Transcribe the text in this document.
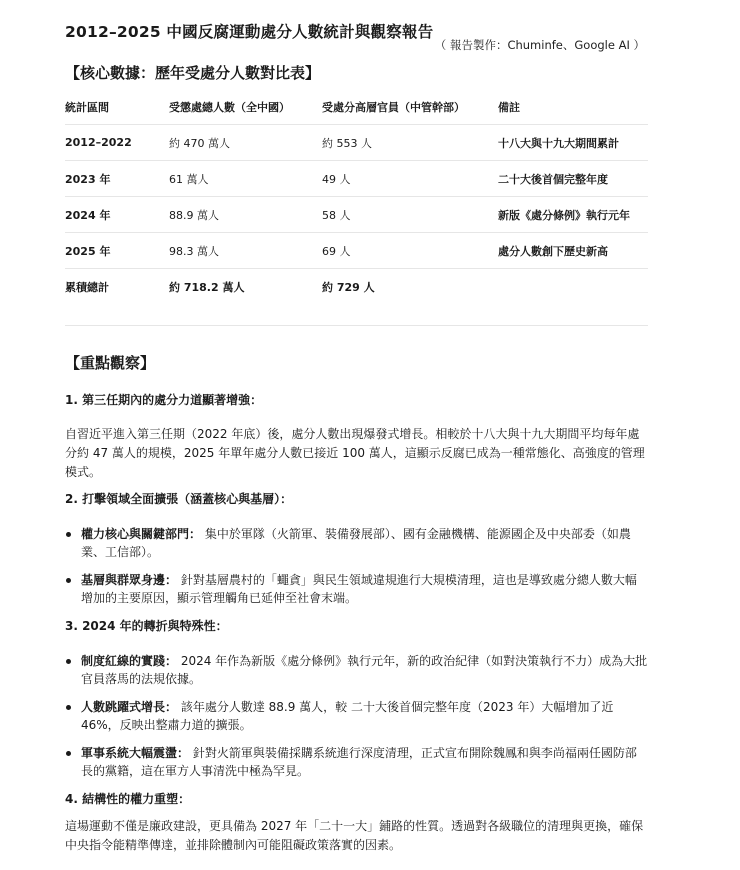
2012–2025 中國反腐運動處分人數統計與觀察報告
（ 報告製作：Chuminfe、Google AI ）
【核心數據：歷年受處分人數對比表】
統計區間	受懲處總人數（全中國）	受處分高層官員（中管幹部）	備註
2012–2022	約 470 萬人	約 553 人	十八大與十九大期間累計
2023 年	61 萬人	49 人	二十大後首個完整年度
2024 年	88.9 萬人	58 人	新版《處分條例》執行元年
2025 年	98.3 萬人	69 人	處分人數創下歷史新高
累積總計	約 718.2 萬人	約 729 人	
【重點觀察】
1. 第三任期內的處分力道顯著增強：

自習近平進入第三任期（2022 年底）後，處分人數出現爆發式增長。相較於十八大與十九大期間平均每年處分約 47 萬人的規模，2025 年單年處分人數已接近 100 萬人，這顯示反腐已成為一種常態化、高強度的管理模式。

2. 打擊領域全面擴張（涵蓋核心與基層）：
權力核心與關鍵部門： 集中於軍隊（火箭軍、裝備發展部）、國有金融機構、能源國企及中央部委（如農業、工信部）。
基層與群眾身邊： 針對基層農村的「蠅貪」與民生領域違規進行大規模清理，這也是導致處分總人數大幅增加的主要原因，顯示管理觸角已延伸至社會末端。
3. 2024 年的轉折與特殊性：
制度紅線的實踐： 2024 年作為新版《處分條例》執行元年，新的政治紀律（如對決策執行不力）成為大批官員落馬的法規依據。
人數跳躍式增長： 該年處分人數達 88.9 萬人，較 二十大後首個完整年度（2023 年）大幅增加了近 46%，反映出整肅力道的擴張。
軍事系統大幅震盪： 針對火箭軍與裝備採購系統進行深度清理，正式宣布開除魏鳳和與李尚福兩任國防部長的黨籍，這在軍方人事清洗中極為罕見。
4. 結構性的權力重塑：

這場運動不僅是廉政建設，更具備為 2027 年「二十一大」鋪路的性質。透過對各級職位的清理與更換，確保中央指令能精準傳達，並排除體制內可能阻礙政策落實的因素。
